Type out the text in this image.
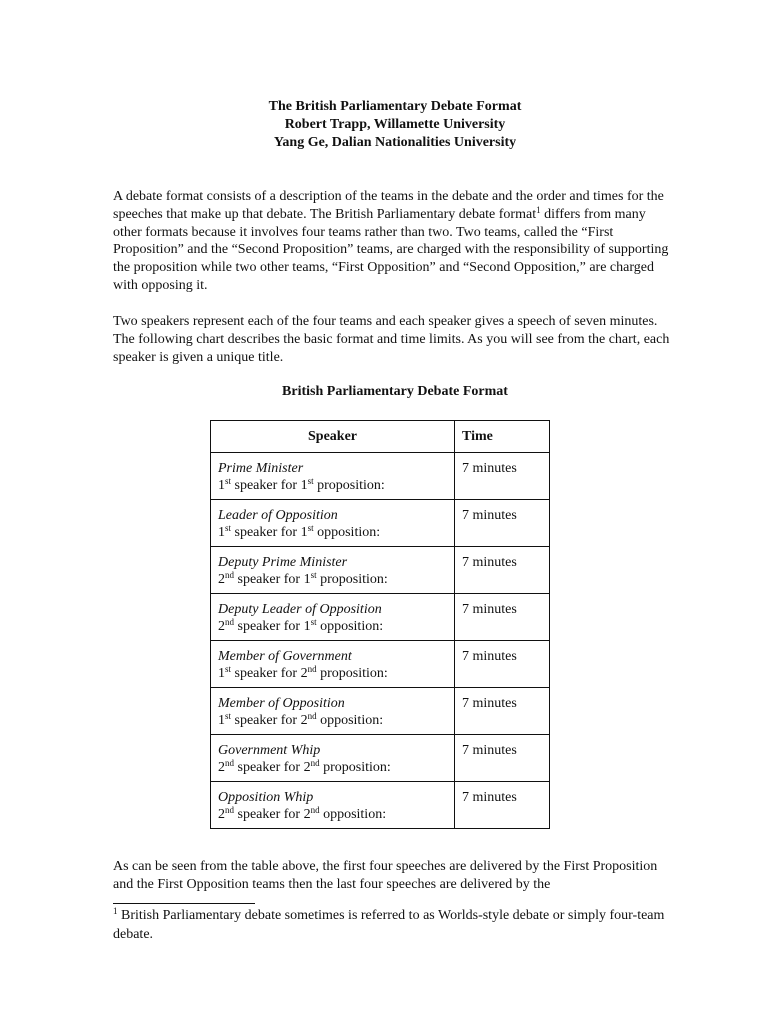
The British Parliamentary Debate Format
Robert Trapp, Willamette University
Yang Ge, Dalian Nationalities University

A debate format consists of a description of the teams in the debate and the order and times for the speeches that make up that debate. The British Parliamentary debate format$^1$ differs from many other formats because it involves four teams rather than two. Two teams, called the “First Proposition” and the “Second Proposition” teams, are charged with the responsibility of supporting the proposition while two other teams, “First Opposition” and “Second Opposition,” are charged with opposing it.

Two speakers represent each of the four teams and each speaker gives a speech of seven minutes. The following chart describes the basic format and time limits. As you will see from the chart, each speaker is given a unique title.

British Parliamentary Debate Format
Speaker	Time

Prime Minister
1st speaker for 1st proposition:	7 minutes

Leader of Opposition
1st speaker for 1st opposition:	7 minutes

Deputy Prime Minister
2nd speaker for 1st proposition:	7 minutes

Deputy Leader of Opposition
2nd speaker for 1st opposition:	7 minutes

Member of Government
1st speaker for 2nd proposition:	7 minutes

Member of Opposition
1st speaker for 2nd opposition:	7 minutes

Government Whip
2nd speaker for 2nd proposition:	7 minutes

Opposition Whip
2nd speaker for 2nd opposition:	7 minutes

As can be seen from the table above, the first four speeches are delivered by the First Proposition and the First Opposition teams then the last four speeches are delivered by the

$^1$ British Parliamentary debate sometimes is referred to as Worlds-style debate or simply four-team debate.
